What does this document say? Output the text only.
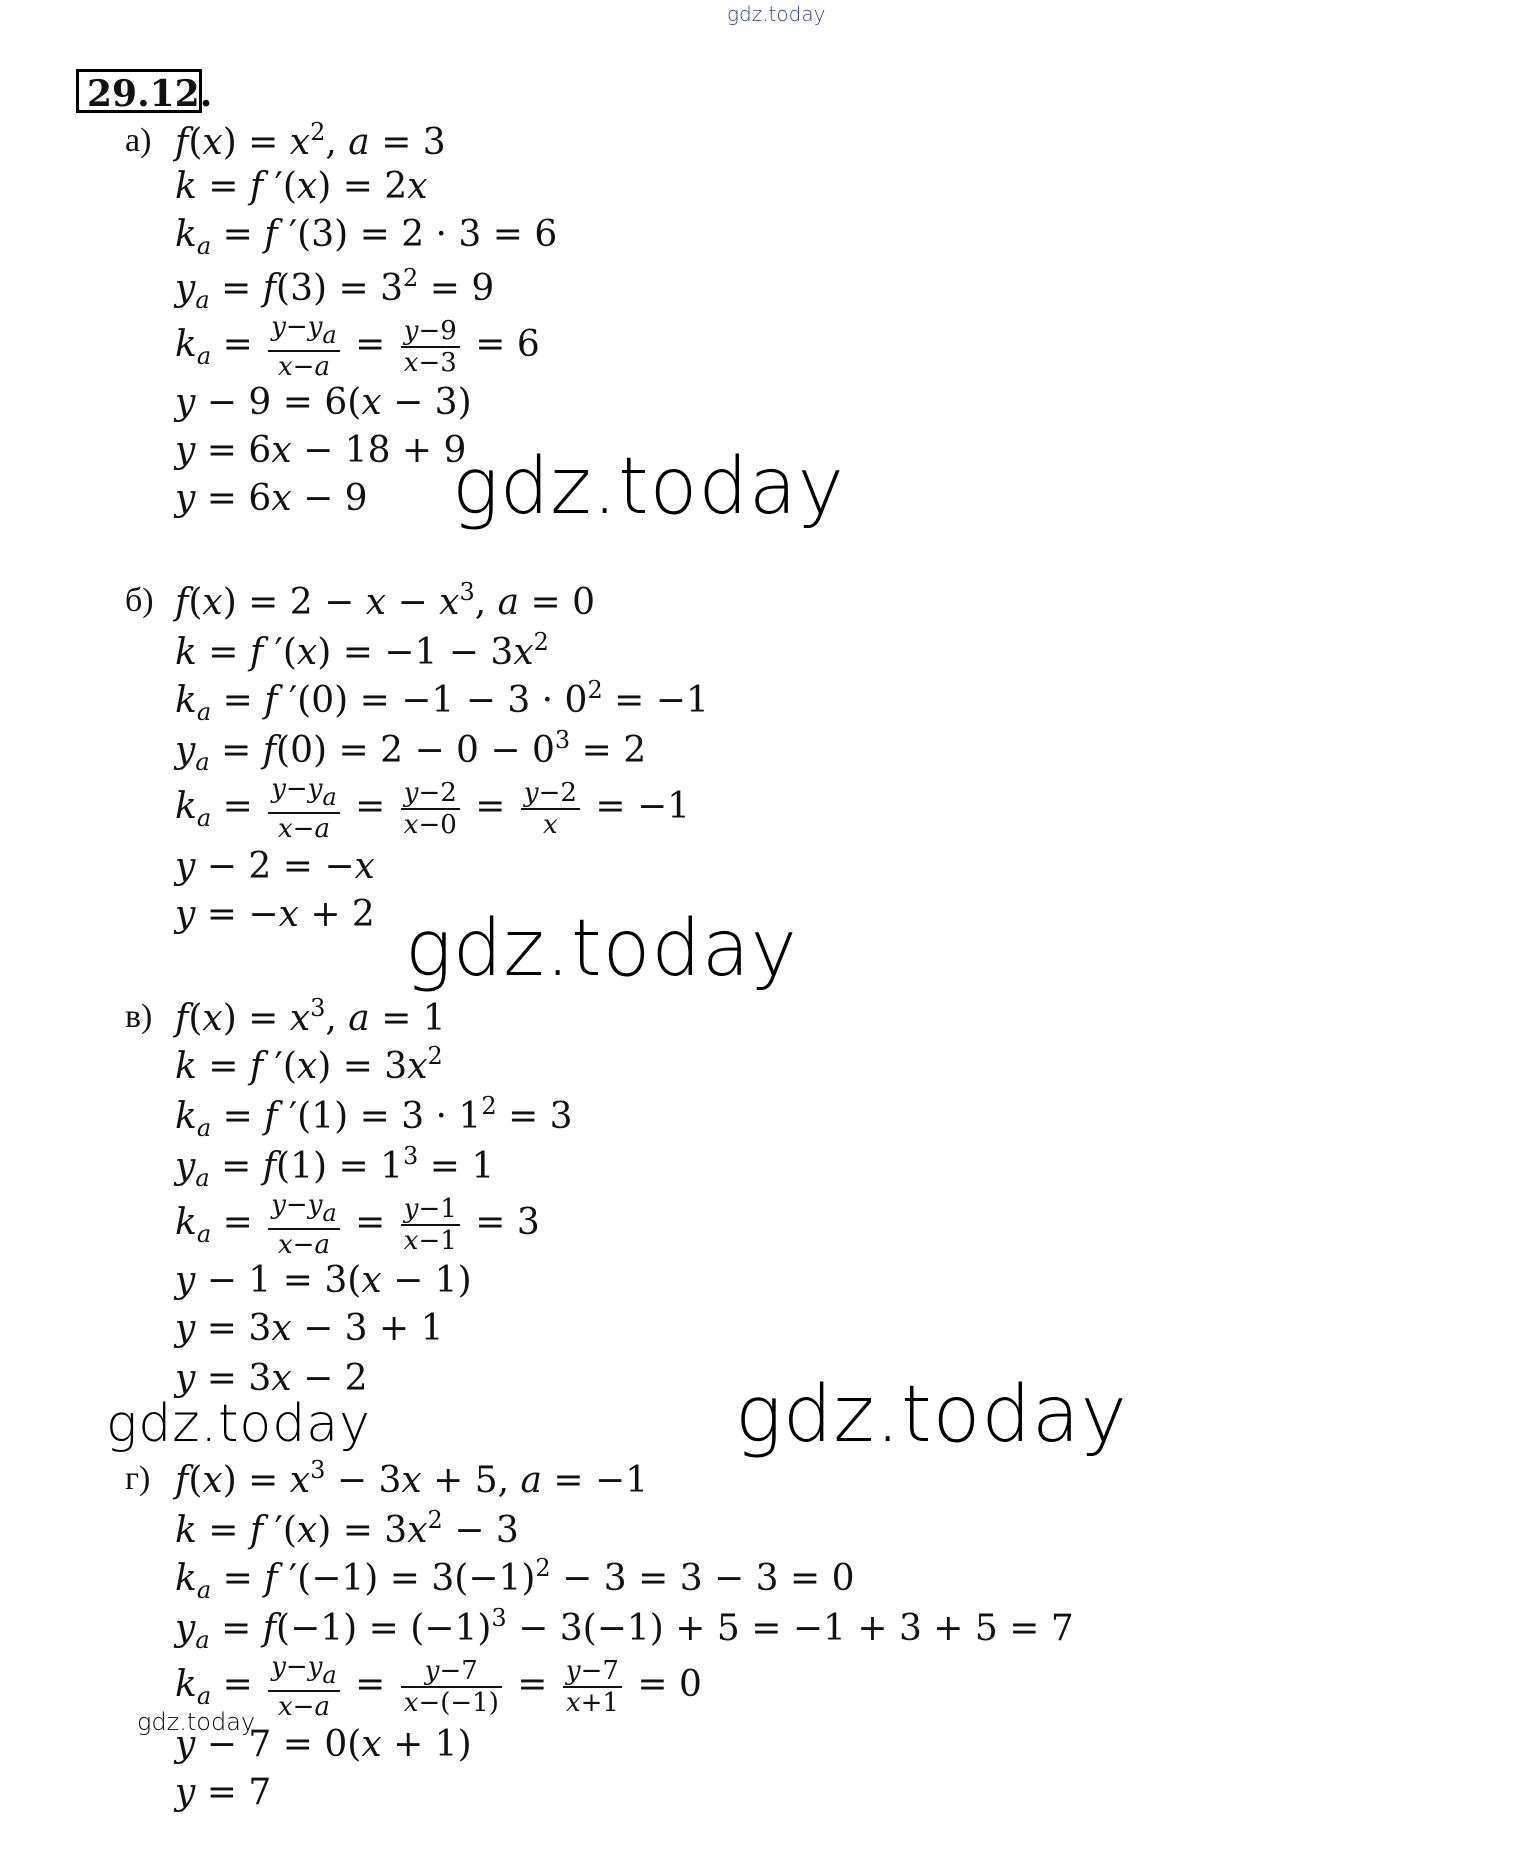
gdz.today
29.12.
а) $f(x) = x^2$, a = 3
k = f ′(x) = 2x
$k_a = f$ ′(3) = 2 · 3 = 6
$y_a = f(3) = 3^2 = 9$
$k_a = \frac{y-y_a}{x-a} = \frac{y-9}{x-3} = 6$
y − 9 = 6(x − 3)
y = 6x − 18 + 9
y = 6x − 9 gdz.today
б) $f(x) = 2 - x - x^3$, a = 0
k = f $'(x) = -1 - 3x^2$
$k_a = f$ $'(0) = -1 - 3 \cdot 0^2 = -1$
$y_a = f(0) = 2 - 0 - 0^3 = 2$
$k_a = \frac{y-y_a}{x-a} = \frac{y-2}{x-0} = \frac{y-2}{x} = -1$
y − 2 = −x
y = −x + 2 gdz.today
в) $f(x) = x^3$, a = 1
k = f $'(x) = 3x^2$
$k_a = f$ $'(1) = 3 \cdot 1^2 = 3$
$y_a = f(1) = 1^3 = 1$
$k_a = \frac{y-y_a}{x-a} = \frac{y-1}{x-1} = 3$
y − 1 = 3(x − 1)
y = 3x − 3 + 1
y = 3x − 2
gdz.today	gdz.today
г) $f(x) = x^3 - 3x + 5$, a = −1
k = f $'(x) = 3x^2 - 3$
$k_a = f$ $'(-1) = 3(-1)^2 - 3 = 3 - 3 = 0$
$y_a = f(-1) = (-1)^3 - 3(-1) + 5 = -1 + 3 + 5 = 7$
$k_a = \frac{y-y_a}{x-a} = \frac{y-7}{x-(-1)} = \frac{y-7}{x+1} = 0$
gdz.today
y − 7 = 0(x + 1)
y = 7
